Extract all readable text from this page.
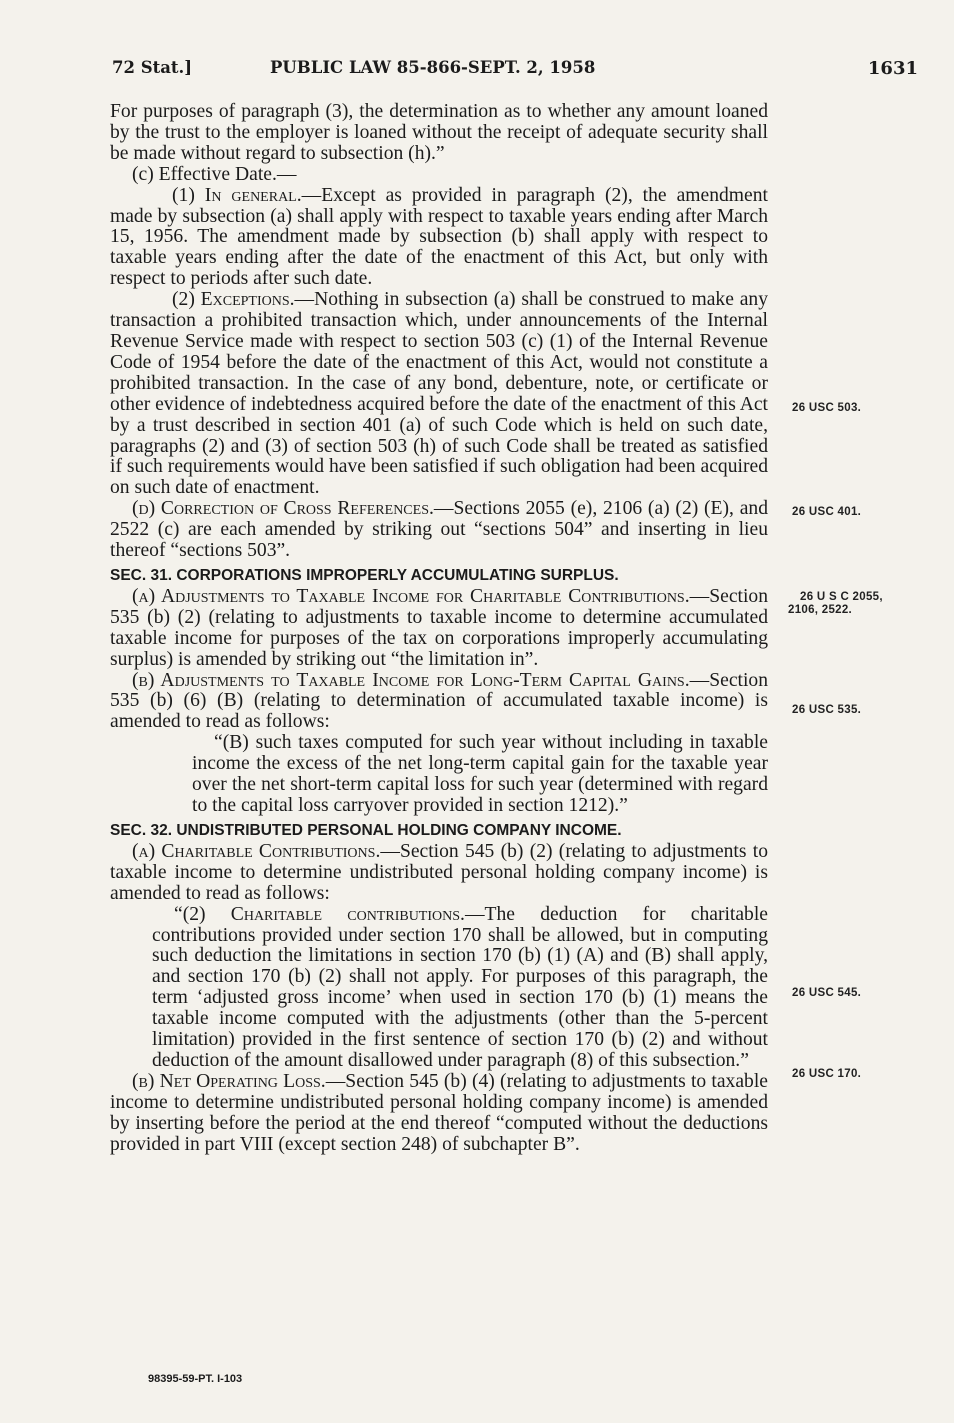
72 Stat.]	PUBLIC LAW 85-866-SEPT. 2, 1958	1631

For purposes of paragraph (3), the determination as to whether any amount loaned by the trust to the employer is loaned without the receipt of adequate security shall be made without regard to subsection (h).”

(c) Effective Date.—

(1) In general.—Except as provided in paragraph (2), the amendment made by subsection (a) shall apply with respect to taxable years ending after March 15, 1956. The amendment made by subsection (b) shall apply with respect to taxable years ending after the date of the enactment of this Act, but only with respect to periods after such date.

(2) Exceptions.—Nothing in subsection (a) shall be construed to make any transaction a prohibited transaction which, under announcements of the Internal Revenue Service made with respect to section 503 (c) (1) of the Internal Revenue Code of 1954 before the date of the enactment of this Act, would not constitute a prohibited transaction. In the case of any bond, debenture, note, or certificate or other evidence of indebtedness acquired before the date of the enactment of this Act by a trust described in section 401 (a) of such Code which is held on such date, paragraphs (2) and (3) of section 503 (h) of such Code shall be treated as satisfied if such requirements would have been satisfied if such obligation had been acquired on such date of enactment.

(d) Correction of Cross References.—Sections 2055 (e), 2106 (a) (2) (E), and 2522 (c) are each amended by striking out “sections 504” and inserting in lieu thereof “sections 503”.

SEC. 31. CORPORATIONS IMPROPERLY ACCUMULATING SURPLUS.

(a) Adjustments to Taxable Income for Charitable Contributions.—Section 535 (b) (2) (relating to adjustments to taxable income to determine accumulated taxable income for purposes of the tax on corporations improperly accumulating surplus) is amended by striking out “the limitation in”.

(b) Adjustments to Taxable Income for Long-Term Capital Gains.—Section 535 (b) (6) (B) (relating to determination of accumulated taxable income) is amended to read as follows:

“(B) such taxes computed for such year without including in taxable income the excess of the net long-term capital gain for the taxable year over the net short-term capital loss for such year (determined with regard to the capital loss carryover provided in section 1212).”

SEC. 32. UNDISTRIBUTED PERSONAL HOLDING COMPANY INCOME.

(a) Charitable Contributions.—Section 545 (b) (2) (relating to adjustments to taxable income to determine undistributed personal holding company income) is amended to read as follows:

“(2) Charitable contributions.—The deduction for charitable contributions provided under section 170 shall be allowed, but in computing such deduction the limitations in section 170 (b) (1) (A) and (B) shall apply, and section 170 (b) (2) shall not apply. For purposes of this paragraph, the term ‘adjusted gross income’ when used in section 170 (b) (1) means the taxable income computed with the adjustments (other than the 5-percent limitation) provided in the first sentence of section 170 (b) (2) and without deduction of the amount disallowed under paragraph (8) of this subsection.”

(b) Net Operating Loss.—Section 545 (b) (4) (relating to adjustments to taxable income to determine undistributed personal holding company income) is amended by inserting before the period at the end thereof “computed without the deductions provided in part VIII (except section 248) of subchapter B”.

26 USC 503.
26 USC 401.
26 U S C 2055,
2106, 2522.
26 USC 535.
26 USC 545.
26 USC 170.
98395-59-PT. I-103
